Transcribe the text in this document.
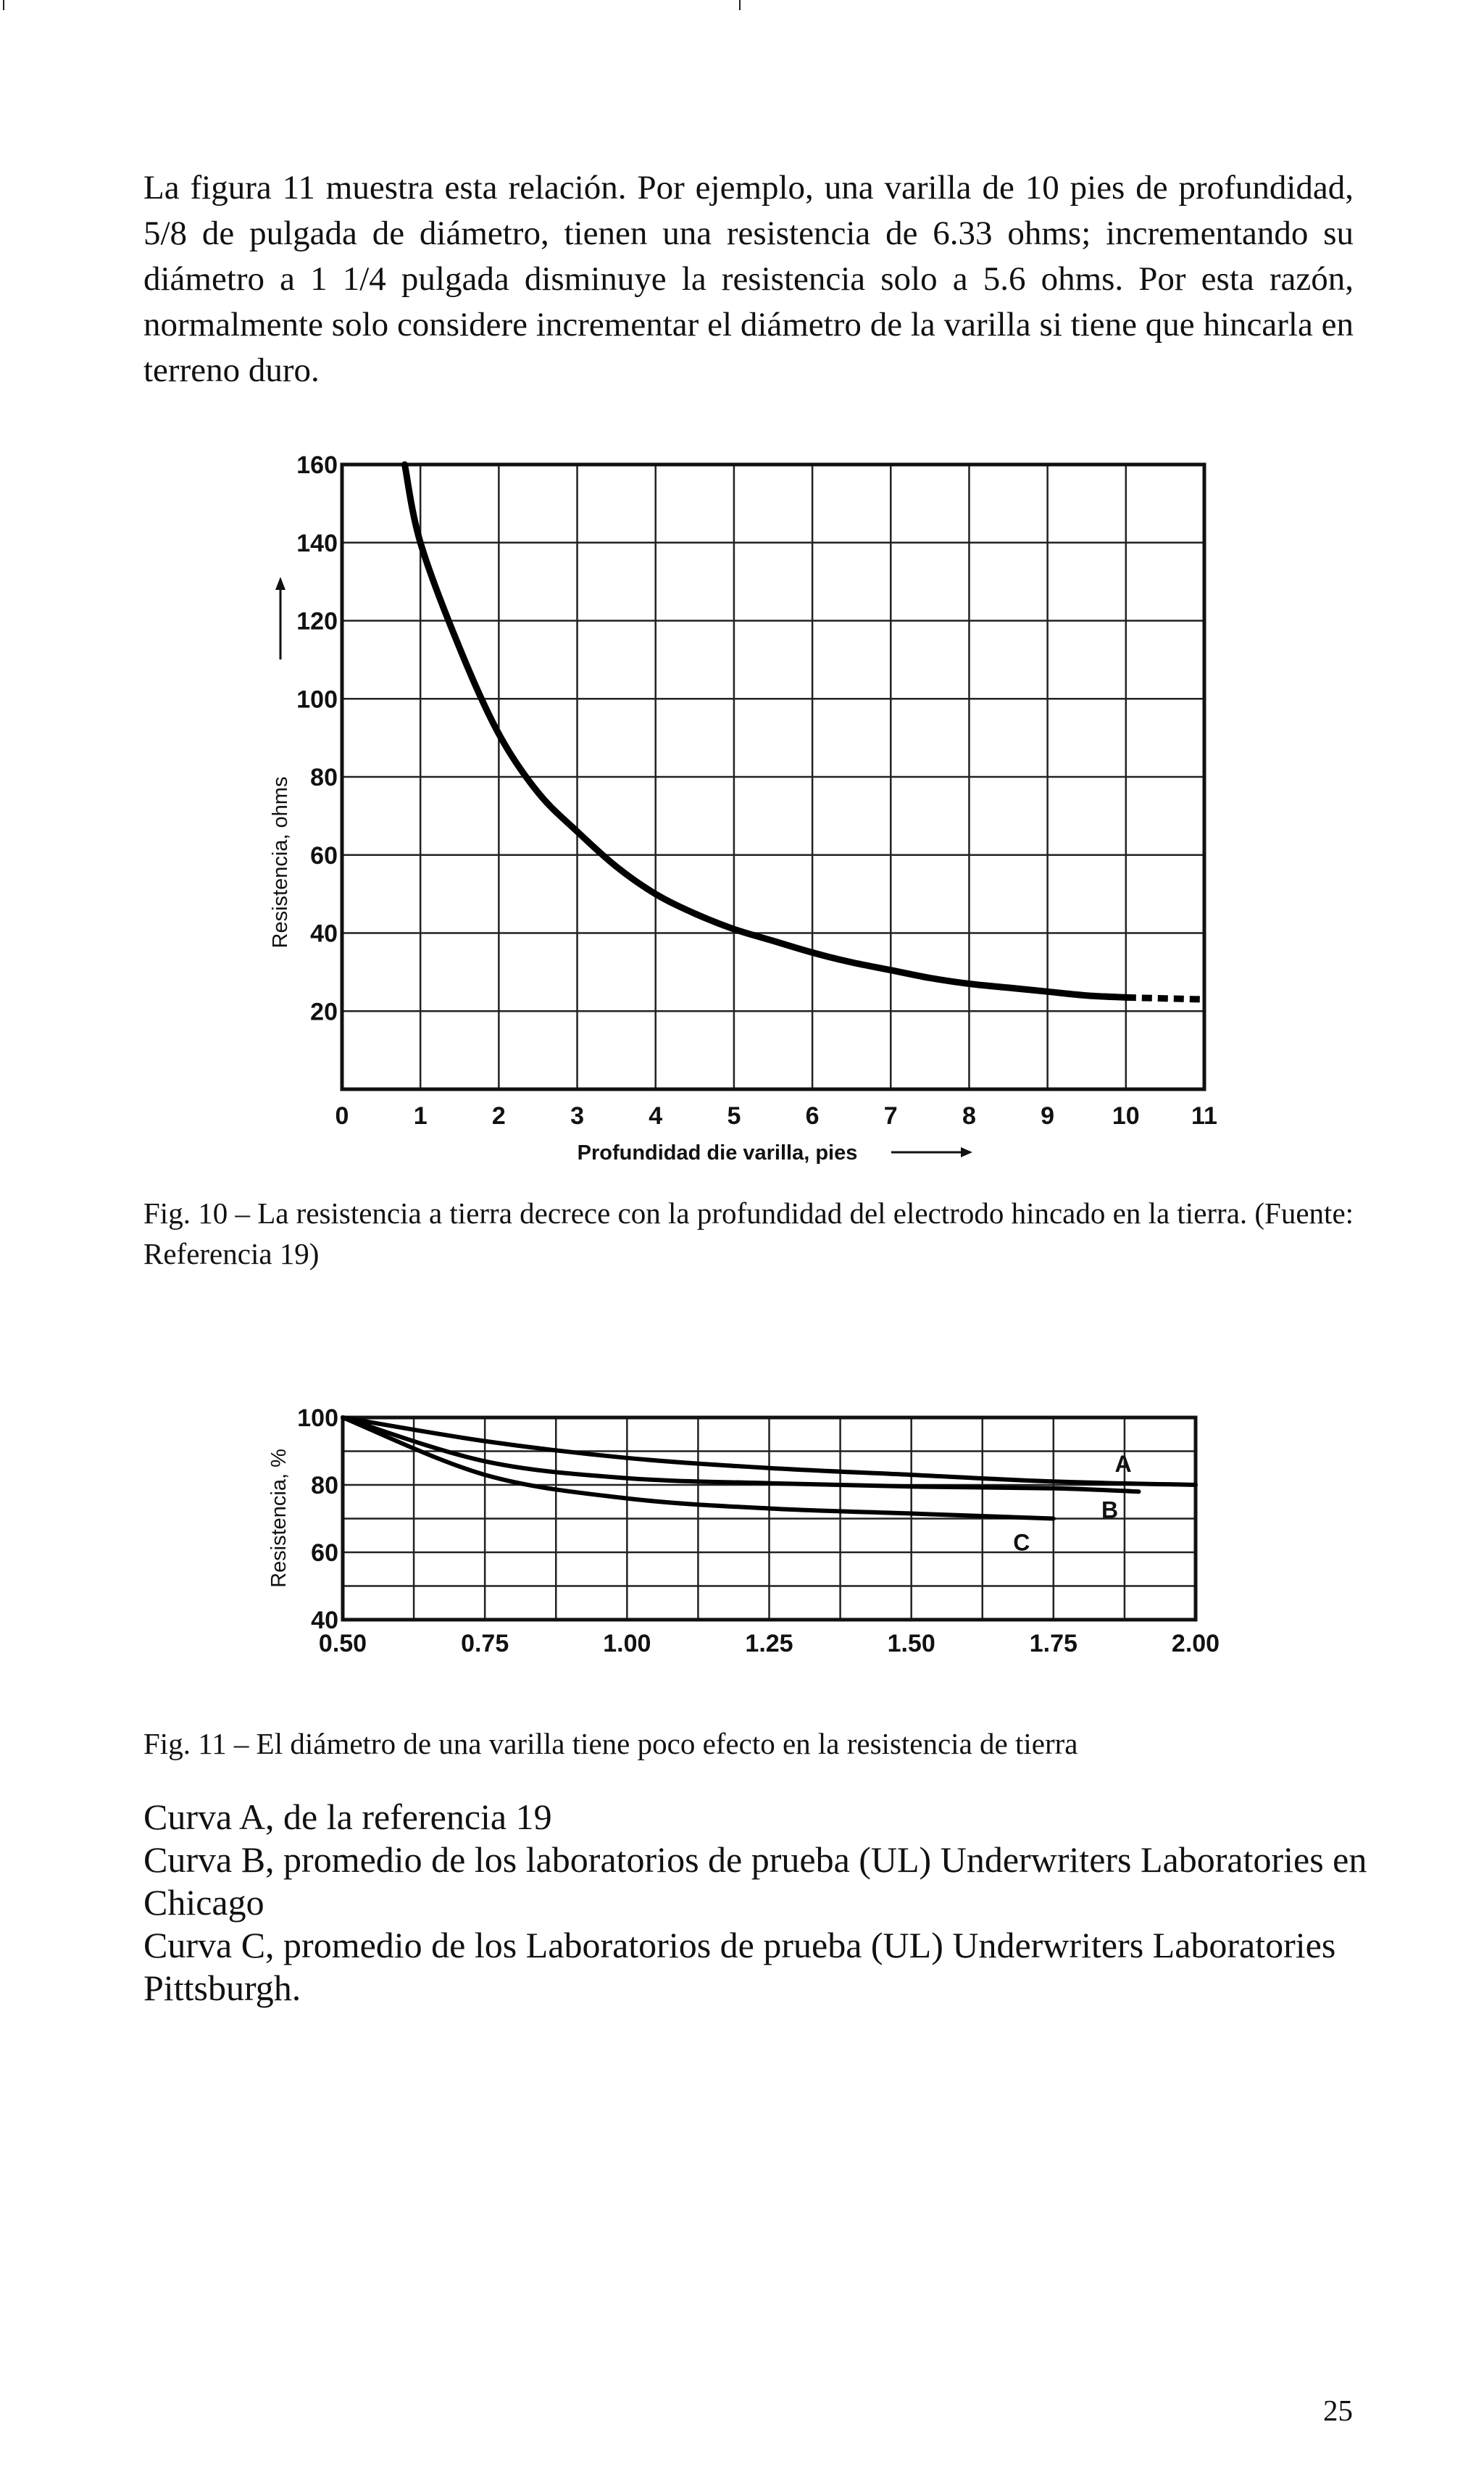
La figura 11 muestra esta relación. Por ejemplo, una varilla de 10 pies de profundidad, 5/8 de pulgada de diámetro, tienen una resistencia de 6.33 ohms; incrementando su diámetro a 1 1/4 pulgada disminuye la resistencia solo a 5.6 ohms. Por esta razón, normalmente solo considere incrementar el diámetro de la varilla si tiene que hincarla en terreno duro.

0	1	2	3	4	5	6	7	8	9 10 11
20
40
60
80
100
120
140
160
Profundidad die varilla, pies
Resistencia, ohms

Fig. 10 – La resistencia a tierra decrece con la profundidad del electrodo hincado en la tierra. (Fuente: Referencia 19)

0.50	0.75	1.00	1.25	1.50	1.75	2.00
40
60
80
100
A
B
C
Resistencia, %

Fig. 11 – El diámetro de una varilla tiene poco efecto en la resistencia de tierra

Curva A, de la referencia 19
Curva B, promedio de los laboratorios de prueba (UL) Underwriters Laboratories en Chicago
Curva C, promedio de los Laboratorios de prueba (UL) Underwriters Laboratories Pittsburgh.
25
